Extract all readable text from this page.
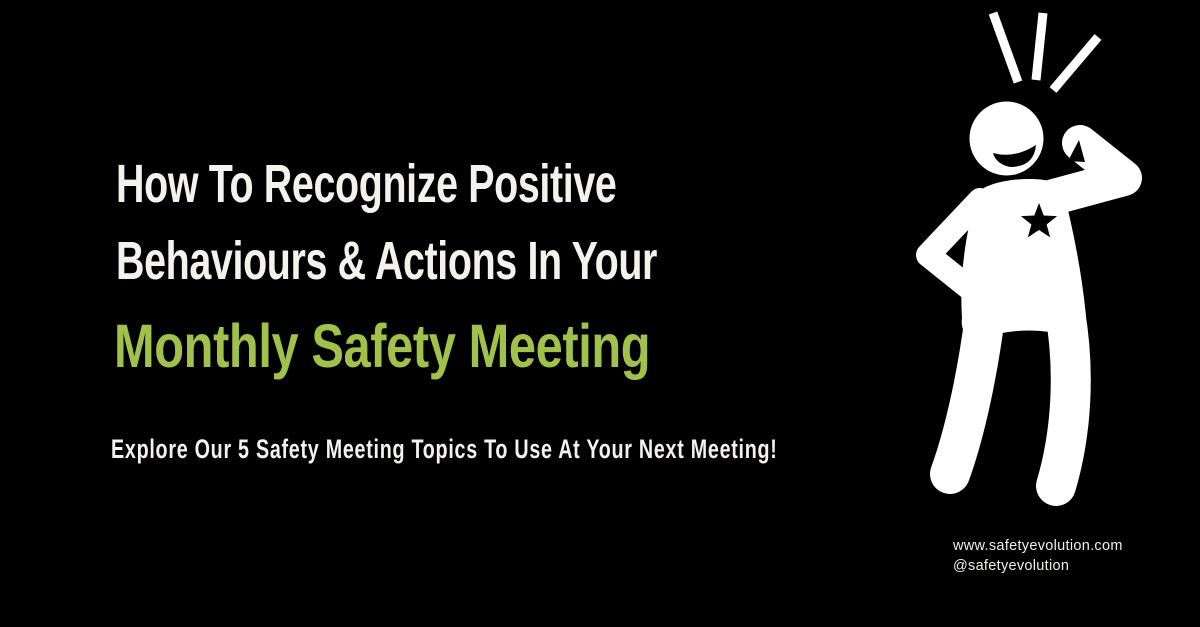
How To Recognize Positive
Behaviours & Actions In Your
Monthly Safety Meeting
Explore Our 5 Safety Meeting Topics To Use At Your Next Meeting!
www.safetyevolution.com
@safetyevolution
